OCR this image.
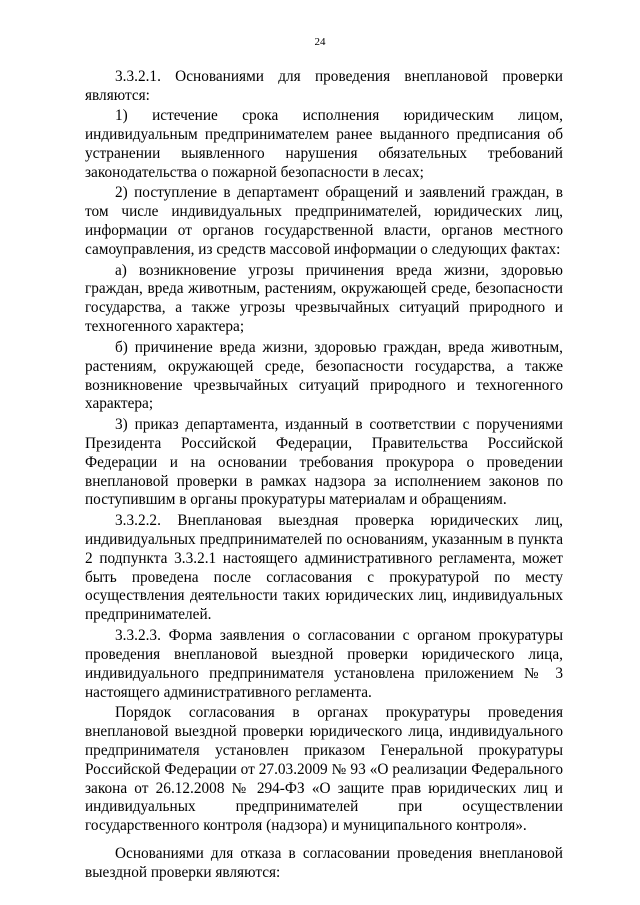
24

3.3.2.1. Основаниями для проведения внеплановой проверки являются:

1) истечение срока исполнения юридическим лицом, индивидуальным предпринимателем ранее выданного предписания об устранении выявленного нарушения обязательных требований законодательства о пожарной безопасности в лесах;

2) поступление в департамент обращений и заявлений граждан, в том числе индивидуальных предпринимателей, юридических лиц, информации от органов государственной власти, органов местного самоуправления, из средств массовой информации о следующих фактах:

а) возникновение угрозы причинения вреда жизни, здоровью граждан, вреда животным, растениям, окружающей среде, безопасности государства, а также угрозы чрезвычайных ситуаций природного и техногенного характера;

б) причинение вреда жизни, здоровью граждан, вреда животным, растениям, окружающей среде, безопасности государства, а также возникновение чрезвычайных ситуаций природного и техногенного характера;

3) приказ департамента, изданный в соответствии с поручениями Президента Российской Федерации, Правительства Российской Федерации и на основании требования прокурора о проведении внеплановой проверки в рамках надзора за исполнением законов по поступившим в органы прокуратуры материалам и обращениям.

3.3.2.2. Внеплановая выездная проверка юридических лиц, индивидуальных предпринимателей по основаниям, указанным в пункта 2 подпункта 3.3.2.1 настоящего административного регламента, может быть проведена после согласования с прокуратурой по месту осуществления деятельности таких юридических лиц, индивидуальных предпринимателей.

3.3.2.3. Форма заявления о согласовании с органом прокуратуры проведения внеплановой выездной проверки юридического лица, индивидуального предпринимателя установлена приложением № 3 настоящего административного регламента.

Порядок согласования в органах прокуратуры проведения внеплановой выездной проверки юридического лица, индивидуального предпринимателя установлен приказом Генеральной прокуратуры Российской Федерации от 27.03.2009 № 93 «О реализации Федерального закона от 26.12.2008 № 294-ФЗ «О защите прав юридических лиц и индивидуальных предпринимателей при осуществлении государственного контроля (надзора) и муниципального контроля».

Основаниями для отказа в согласовании проведения внеплановой выездной проверки являются:
